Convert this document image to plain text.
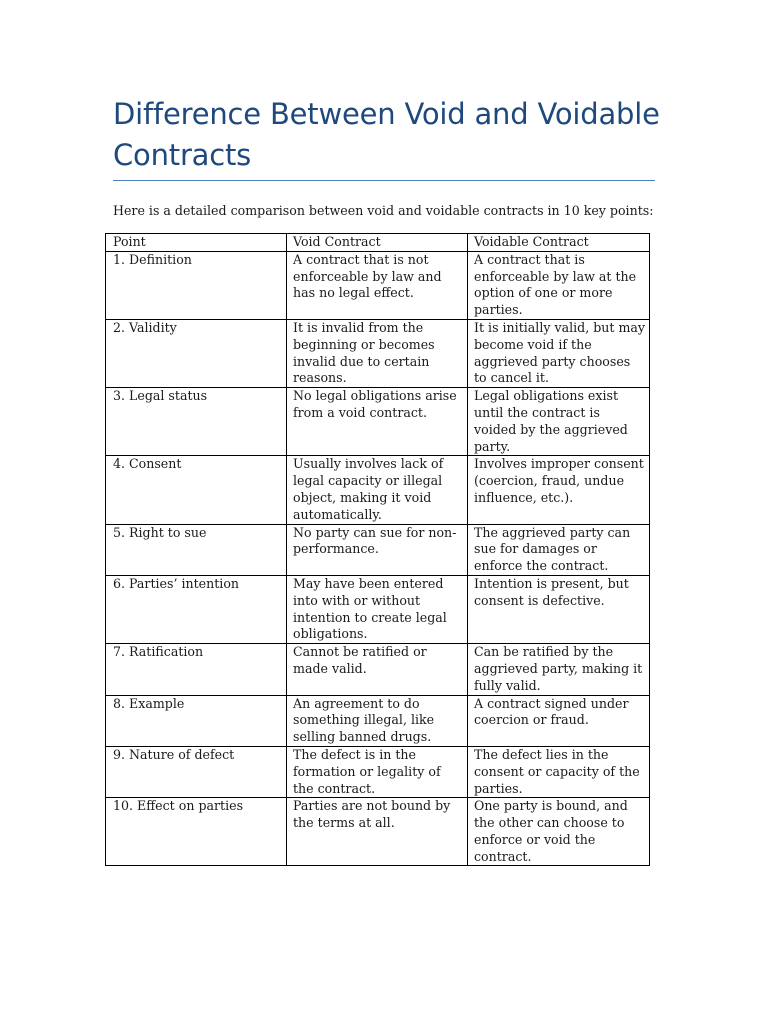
Difference Between Void and Voidable Contracts

Here is a detailed comparison between void and voidable contracts in 10 key points:

Point	Void Contract	Voidable Contract
1. Definition	A contract that is not enforceable by law and has no legal effect.	A contract that is enforceable by law at the option of one or more parties.
2. Validity	It is invalid from the beginning or becomes invalid due to certain reasons.	It is initially valid, but may become void if the aggrieved party chooses to cancel it.
3. Legal status	No legal obligations arise from a void contract.	Legal obligations exist until the contract is voided by the aggrieved party.
4. Consent	Usually involves lack of legal capacity or illegal object, making it void automatically.	Involves improper consent (coercion, fraud, undue influence, etc.).
5. Right to sue	No party can sue for non-performance.	The aggrieved party can sue for damages or enforce the contract.
6. Parties’ intention	May have been entered into with or without intention to create legal obligations.	Intention is present, but consent is defective.
7. Ratification	Cannot be ratified or made valid.	Can be ratified by the aggrieved party, making it fully valid.
8. Example	An agreement to do something illegal, like selling banned drugs.	A contract signed under coercion or fraud.
9. Nature of defect	The defect is in the formation or legality of the contract.	The defect lies in the consent or capacity of the parties.
10. Effect on parties	Parties are not bound by the terms at all.	One party is bound, and the other can choose to enforce or void the contract.
